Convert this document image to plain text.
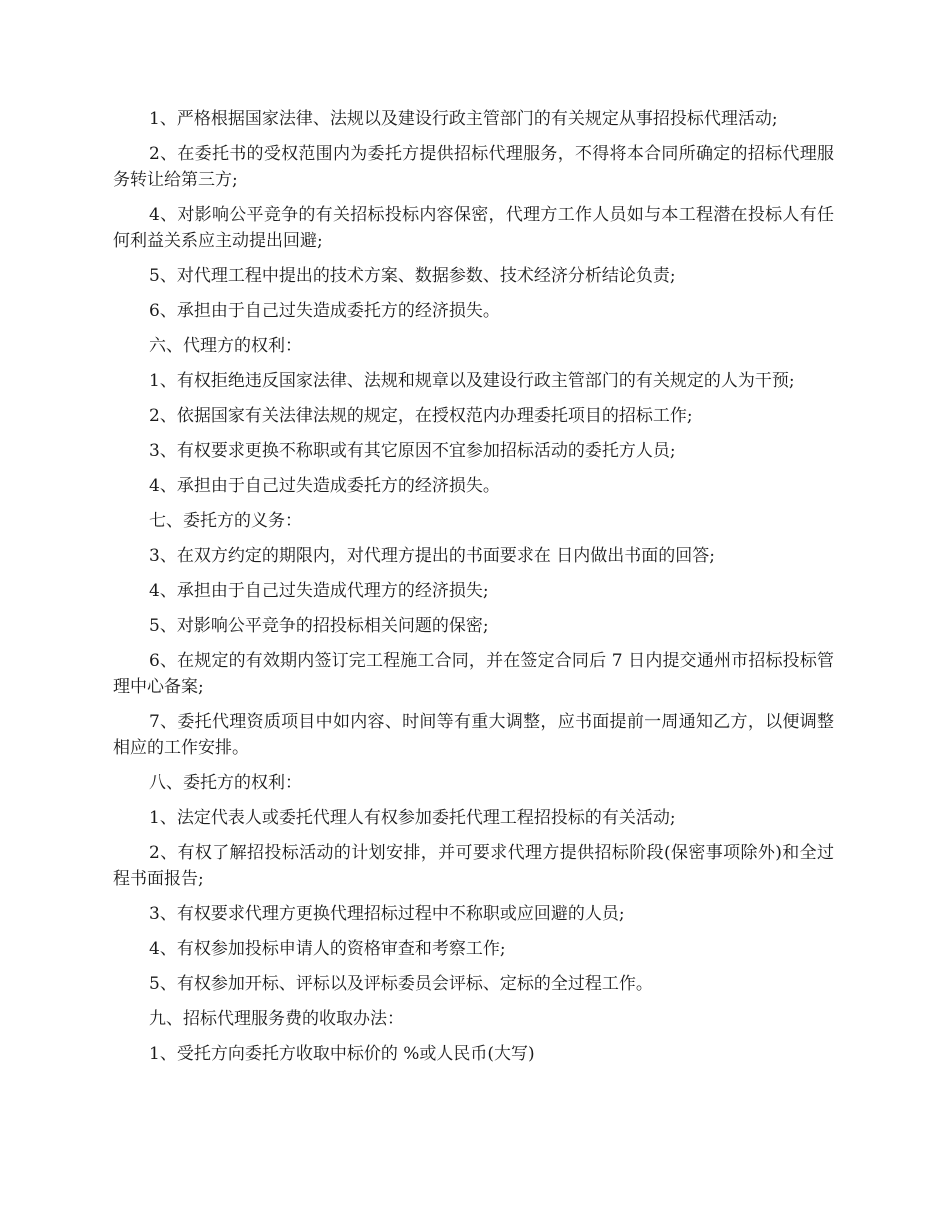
1、严格根据国家法律、法规以及建设行政主管部门的有关规定从事招投标代理活动;

2、在委托书的受权范围内为委托方提供招标代理服务，不得将本合同所确定的招标代理服务转让给第三方;

4、对影响公平竞争的有关招标投标内容保密，代理方工作人员如与本工程潜在投标人有任何利益关系应主动提出回避;

5、对代理工程中提出的技术方案、数据参数、技术经济分析结论负责;

6、承担由于自己过失造成委托方的经济损失。

六、代理方的权利：

1、有权拒绝违反国家法律、法规和规章以及建设行政主管部门的有关规定的人为干预;

2、依据国家有关法律法规的规定，在授权范内办理委托项目的招标工作;

3、有权要求更换不称职或有其它原因不宜参加招标活动的委托方人员;

4、承担由于自己过失造成委托方的经济损失。

七、委托方的义务：

3、在双方约定的期限内，对代理方提出的书面要求在 日内做出书面的回答;

4、承担由于自己过失造成代理方的经济损失;

5、对影响公平竞争的招投标相关问题的保密;

6、在规定的有效期内签订完工程施工合同，并在签定合同后 7 日内提交通州市招标投标管理中心备案;

7、委托代理资质项目中如内容、时间等有重大调整，应书面提前一周通知乙方，以便调整相应的工作安排。

八、委托方的权利：

1、法定代表人或委托代理人有权参加委托代理工程招投标的有关活动;

2、有权了解招投标活动的计划安排，并可要求代理方提供招标阶段(保密事项除外)和全过程书面报告;

3、有权要求代理方更换代理招标过程中不称职或应回避的人员;

4、有权参加投标申请人的资格审查和考察工作;

5、有权参加开标、评标以及评标委员会评标、定标的全过程工作。

九、招标代理服务费的收取办法：

1、受托方向委托方收取中标价的 %或人民币(大写)
